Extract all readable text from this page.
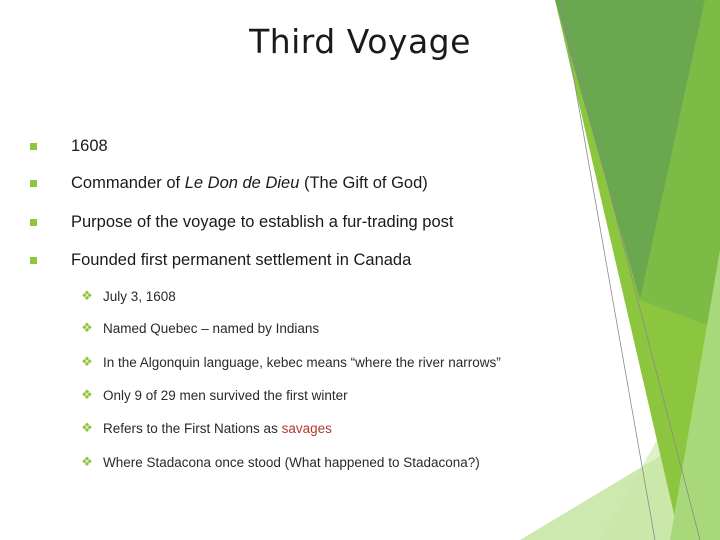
Third Voyage
1608
Commander of Le Don de Dieu (The Gift of God)
Purpose of the voyage to establish a fur-trading post
Founded first permanent settlement in Canada
❖ July 3, 1608
❖ Named Quebec – named by Indians
❖ In the Algonquin language, kebec means “where the river narrows”
❖ Only 9 of 29 men survived the first winter
❖ Refers to the First Nations as savages
❖ Where Stadacona once stood (What happened to Stadacona?)
